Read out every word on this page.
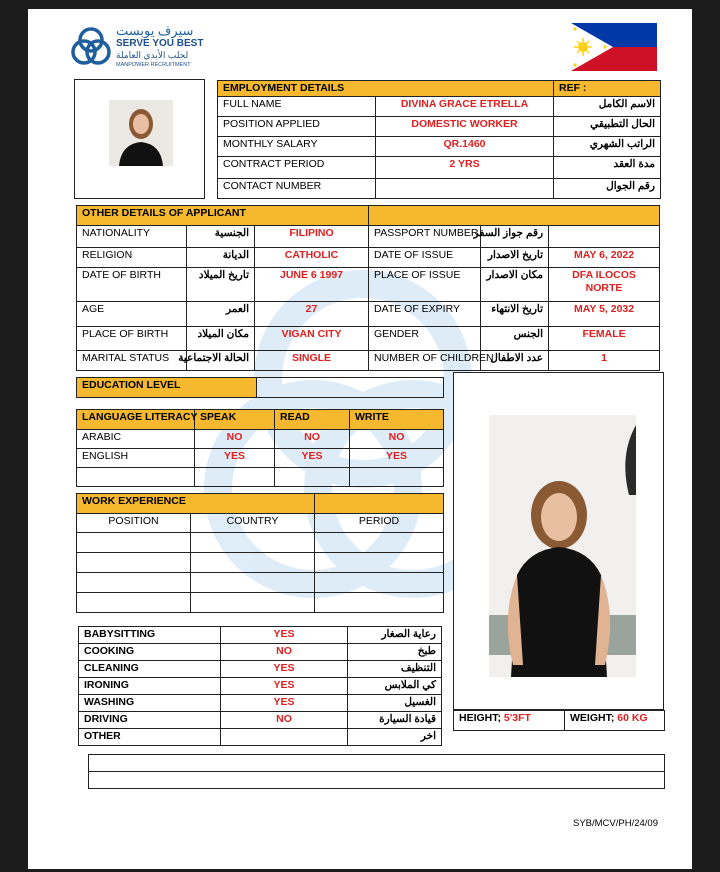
سيرف يوبست
SERVE YOU BEST
لجلب الأيدي العاملة
MANPOWER RECRUITMENT
EMPLOYMENT DETAILS		REF :
FULL NAME	DIVINA GRACE ETRELLA	الاسم الكامل
POSITION APPLIED	DOMESTIC WORKER	الحال التطبيقي
MONTHLY SALARY	QR.1460	الراتب الشهري
CONTRACT PERIOD	2 YRS	مدة العقد
CONTACT NUMBER		رقم الجوال
OTHER DETAILS OF APPLICANT					
NATIONALITY	الجنسية	FILIPINO	PASSPORT NUMBER	رقم جواز السفر	
RELIGION	الديانة	CATHOLIC	DATE OF ISSUE	تاريخ الاصدار	MAY 6, 2022
DATE OF BIRTH	تاريخ الميلاد	JUNE 6 1997	PLACE OF ISSUE	مكان الاصدار	DFA ILOCOS
NORTE

AGE	العمر	27	DATE OF EXPIRY	تاريخ الانتهاء	MAY 5, 2032
PLACE OF BIRTH	مكان الميلاد	VIGAN CITY	GENDER	الجنس	FEMALE
MARITAL STATUS	الحالة الاجتماعية	SINGLE	NUMBER OF CHILDREN	عدد الاطفال	1
EDUCATION LEVEL	
LANGUAGE LITERACY	SPEAK	READ	WRITE
ARABIC	NO	NO	NO
ENGLISH	YES	YES	YES

WORK EXPERIENCE		
POSITION	COUNTRY	PERIOD

BABYSITTING	YES	رعاية الصغار
COOKING	NO	طبخ
CLEANING	YES	التنظيف
IRONING	YES	كي الملابس
WASHING	YES	الغسيل
DRIVING	NO	قيادة السيارة
OTHER		اخر
HEIGHT; 5'3FT	WEIGHT; 60 KG

SYB/MCV/PH/24/09
